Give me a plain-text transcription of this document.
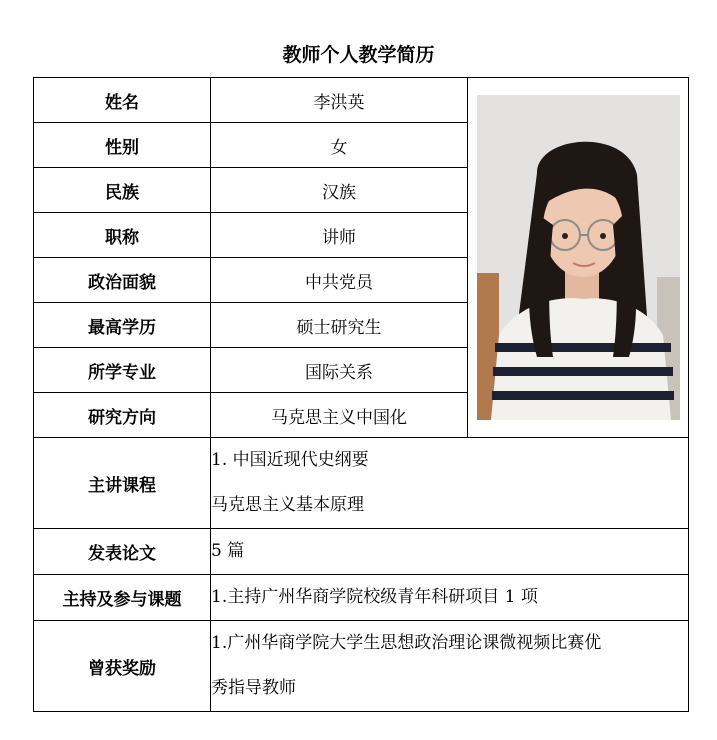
教师个人教学简历
姓名	李洪英	

性别	女	
民族	汉族	
职称	讲师	
政治面貌	中共党员	
最高学历	硕士研究生	
所学专业	国际关系	
研究方向	马克思主义中国化	
主讲课程	1. 中国近现代史纲要
马克思主义基本原理	

发表论文	5 篇	
主持及参与课题	1.主持广州华商学院校级青年科研项目 1 项	
曾获奖励	1.广州华商学院大学生思想政治理论课微视频比赛优
秀指导教师	
